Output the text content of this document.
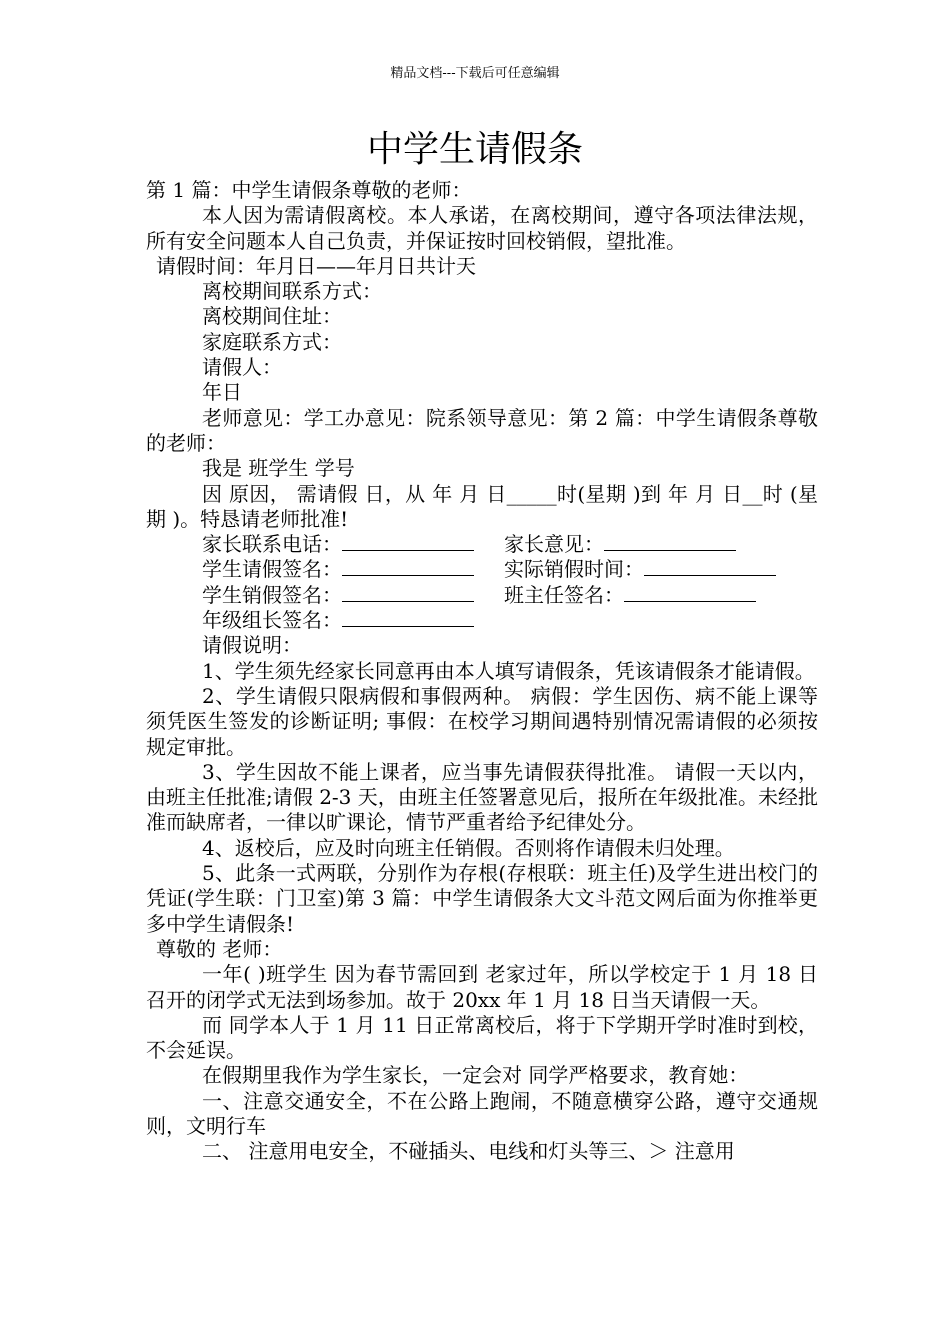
精品文档---下载后可任意编辑
中学生请假条

第 1 篇：中学生请假条尊敬的老师：

本人因为需请假离校。本人承诺，在离校期间，遵守各项法律法规，所有安全问题本人自己负责，并保证按时回校销假，望批准。

请假时间：年月日——年月日共计天

离校期间联系方式：

离校期间住址：

家庭联系方式：

请假人：

年日

老师意见：学工办意见：院系领导意见：第 2 篇：中学生请假条尊敬的老师：

我是 班学生 学号

因 原因， 需请假 日，从 年 月 日_____时(星期 )到 年 月 日__时 (星期 )。特恳请老师批准!

家长联系电话：	家长意见：
学生请假签名：	实际销假时间：
学生销假签名：	班主任签名：
年级组长签名：

请假说明：

1、学生须先经家长同意再由本人填写请假条，凭该请假条才能请假。

2、学生请假只限病假和事假两种。 病假：学生因伤、病不能上课等须凭医生签发的诊断证明; 事假：在校学习期间遇特别情况需请假的必须按规定审批。

3、学生因故不能上课者，应当事先请假获得批准。 请假一天以内，由班主任批准;请假 2-3 天，由班主任签署意见后，报所在年级批准。未经批准而缺席者，一律以旷课论，情节严重者给予纪律处分。

4、返校后，应及时向班主任销假。否则将作请假未归处理。

5、此条一式两联，分别作为存根(存根联：班主任)及学生进出校门的凭证(学生联：门卫室)第 3 篇：中学生请假条大文斗范文网后面为你推举更多中学生请假条!

尊敬的 老师：

一年( )班学生 因为春节需回到 老家过年，所以学校定于 1 月 18 日召开的闭学式无法到场参加。故于 20xx 年 1 月 18 日当天请假一天。

而 同学本人于 1 月 11 日正常离校后，将于下学期开学时准时到校，不会延误。

在假期里我作为学生家长，一定会对 同学严格要求，教育她：

一、注意交通安全，不在公路上跑闹，不随意横穿公路，遵守交通规则，文明行车

二、 注意用电安全，不碰插头、电线和灯头等三、＞ 注意用
